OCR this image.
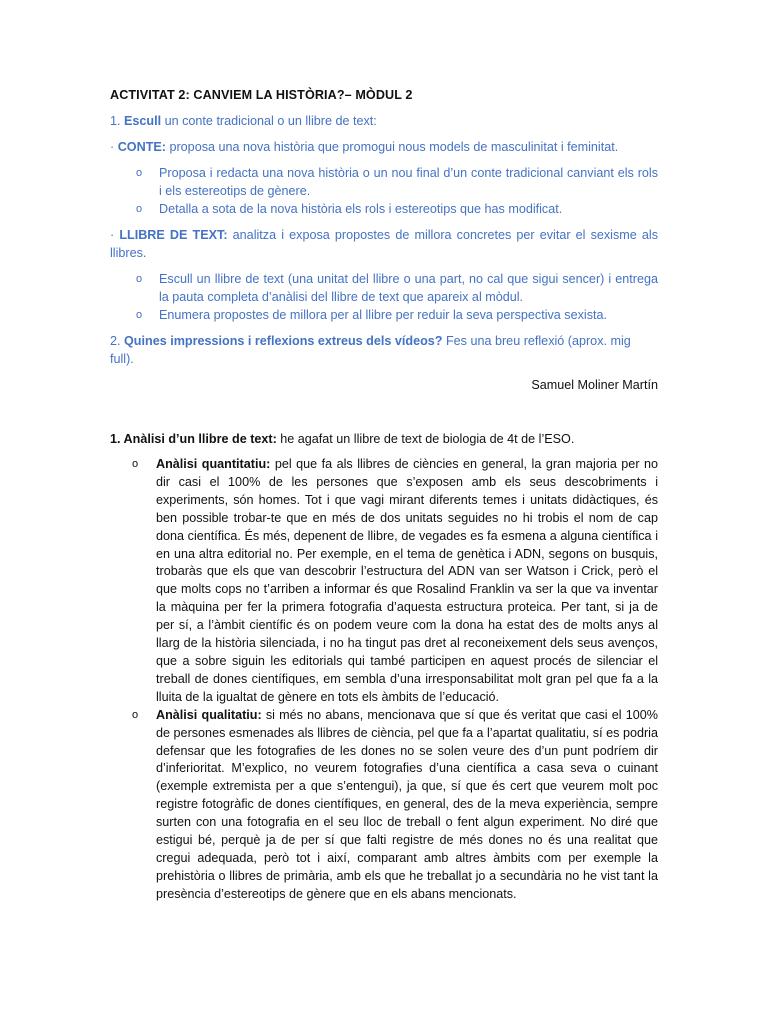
ACTIVITAT 2: CANVIEM LA HISTÒRIA?– MÒDUL 2

1. Escull un conte tradicional o un llibre de text:

· CONTE: proposa una nova història que promogui nous models de masculinitat i feminitat.

o Proposa i redacta una nova història o un nou final d’un conte tradicional canviant els rols i els estereotips de gènere.
o Detalla a sota de la nova història els rols i estereotips que has modificat.

· LLIBRE DE TEXT: analitza i exposa propostes de millora concretes per evitar el sexisme als llibres.

o Escull un llibre de text (una unitat del llibre o una part, no cal que sigui sencer) i entrega la pauta completa d’anàlisi del llibre de text que apareix al mòdul.
o Enumera propostes de millora per al llibre per reduir la seva perspectiva sexista.

2. Quines impressions i reflexions extreus dels vídeos? Fes una breu reflexió (aprox. mig full).

Samuel Moliner Martín

1. Anàlisi d’un llibre de text: he agafat un llibre de text de biologia de 4t de l’ESO.

o Anàlisi quantitatiu: pel que fa als llibres de ciències en general, la gran majoria per no dir casi el 100% de les persones que s’exposen amb els seus descobriments i experiments, són homes. Tot i que vagi mirant diferents temes i unitats didàctiques, és ben possible trobar-te que en més de dos unitats seguides no hi trobis el nom de cap dona científica. És més, depenent de llibre, de vegades es fa esmena a alguna científica i en una altra editorial no. Per exemple, en el tema de genètica i ADN, segons on busquis, trobaràs que els que van descobrir l’estructura del ADN van ser Watson i Crick, però el que molts cops no t’arriben a informar és que Rosalind Franklin va ser la que va inventar la màquina per fer la primera fotografia d’aquesta estructura proteica. Per tant, si ja de per sí, a l’àmbit científic és on podem veure com la dona ha estat des de molts anys al llarg de la història silenciada, i no ha tingut pas dret al reconeixement dels seus avenços, que a sobre siguin les editorials qui també participen en aquest procés de silenciar el treball de dones científiques, em sembla d’una irresponsabilitat molt gran pel que fa a la lluita de la igualtat de gènere en tots els àmbits de l’educació.
o Anàlisi qualitatiu: si més no abans, mencionava que sí que és veritat que casi el 100% de persones esmenades als llibres de ciència, pel que fa a l’apartat qualitatiu, sí es podria defensar que les fotografies de les dones no se solen veure des d’un punt podríem dir d’inferioritat. M’explico, no veurem fotografies d’una científica a casa seva o cuinant (exemple extremista per a que s’entengui), ja que, sí que és cert que veurem molt poc registre fotogràfic de dones científiques, en general, des de la meva experiència, sempre surten con una fotografia en el seu lloc de treball o fent algun experiment. No diré que estigui bé, perquè ja de per sí que falti registre de més dones no és una realitat que cregui adequada, però tot i així, comparant amb altres àmbits com per exemple la prehistòria o llibres de primària, amb els que he treballat jo a secundària no he vist tant la presència d’estereotips de gènere que en els abans mencionats.
